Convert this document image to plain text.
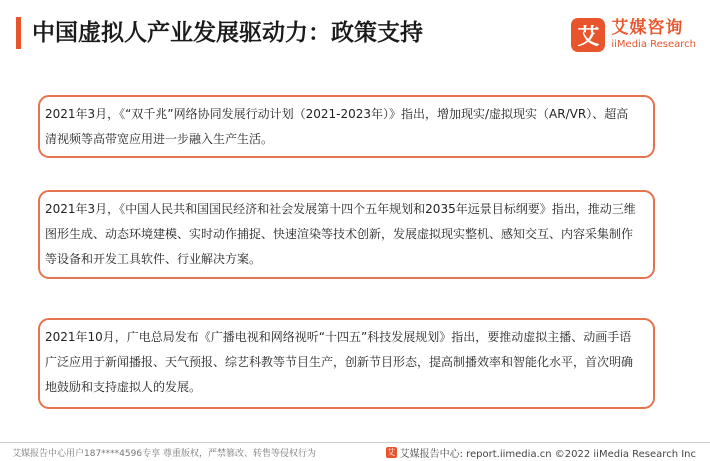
中国虚拟人产业发展驱动力：政策支持	艾 艾媒咨询
iiMedia Research
2021年3月，《“双千兆”网络协同发展行动计划（2021-2023年）》指出，增加现实/虚拟现实（AR/VR）、超高清视频等高带宽应用进一步融入生产生活。
2021年3月，《中国人民共和国国民经济和社会发展第十四个五年规划和2035年远景目标纲要》指出，推动三维图形生成、动态环境建模、实时动作捕捉、快速渲染等技术创新，发展虚拟现实整机、感知交互、内容采集制作等设备和开发工具软件、行业解决方案。
2021年10月，广电总局发布《广播电视和网络视听“十四五”科技发展规划》指出，要推动虚拟主播、动画手语广泛应用于新闻播报、天气预报、综艺科教等节目生产，创新节目形态，提高制播效率和智能化水平，首次明确地鼓励和支持虚拟人的发展。
艾媒报告中心用户187****4596专享 尊重版权，严禁篡改、转售等侵权行为	艾 艾媒报告中心: report.iimedia.cn ©2022 iiMedia Research Inc
